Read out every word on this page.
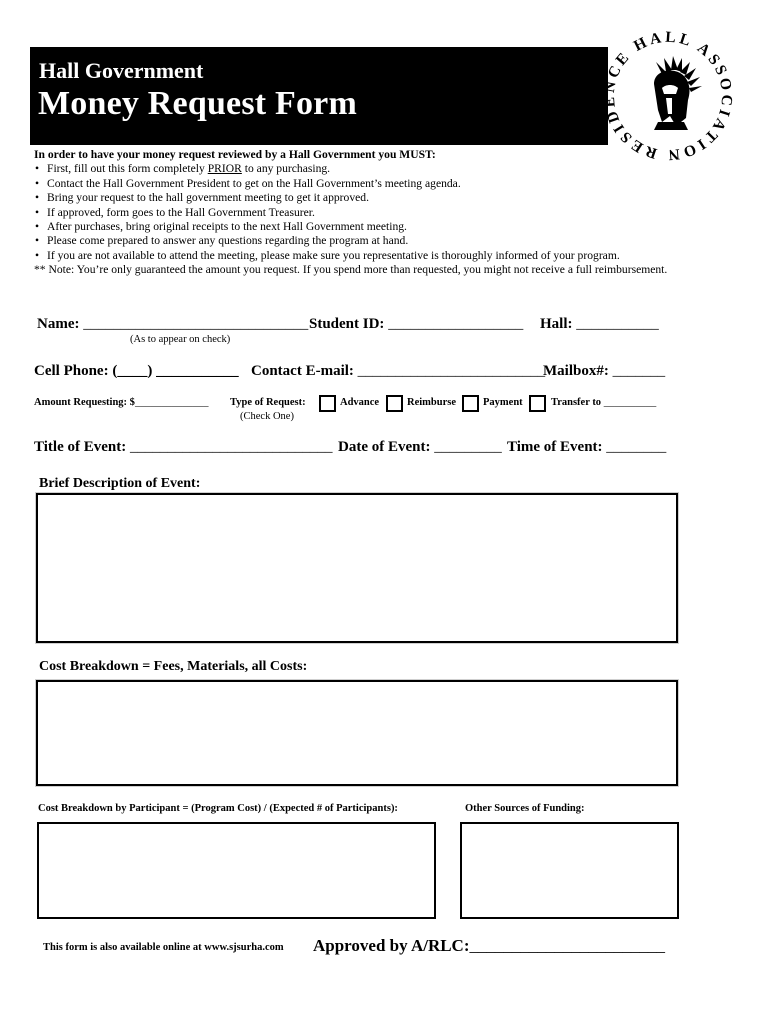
Hall Government
Money Request Form
RESIDENCE HALL ASSOCIATION
In order to have your money request reviewed by a Hall Government you MUST:
• First, fill out this form completely PRIOR to any purchasing.
• Contact the Hall Government President to get on the Hall Government’s meeting agenda.
• Bring your request to the hall government meeting to get it approved.
• If approved, form goes to the Hall Government Treasurer.
• After purchases, bring original receipts to the next Hall Government meeting.
• Please come prepared to answer any questions regarding the program at hand.
• If you are not available to attend the meeting, please make sure you representative is thoroughly informed of your program.

** Note: You’re only guaranteed the amount you request. If you spend more than requested, you might not receive a full reimbursement.

Name: ______________________________
(As to appear on check)
Student ID: __________________ Hall: ___________
Cell Phone: (____) ___________ Contact E-mail: _________________________
Mailbox#: _______
Amount Requesting: $______________ Type of Request:
(Check One)
Advance	Reimburse	Payment	Transfer to __________
Title of Event: ___________________________ Date of Event: _________ Time of Event: ________
Brief Description of Event:
Cost Breakdown = Fees, Materials, all Costs:
Cost Breakdown by Participant = (Program Cost) / (Expected # of Participants):	Other Sources of Funding:
This form is also available online at www.sjsurha.com Approved by A/RLC:_______________________
